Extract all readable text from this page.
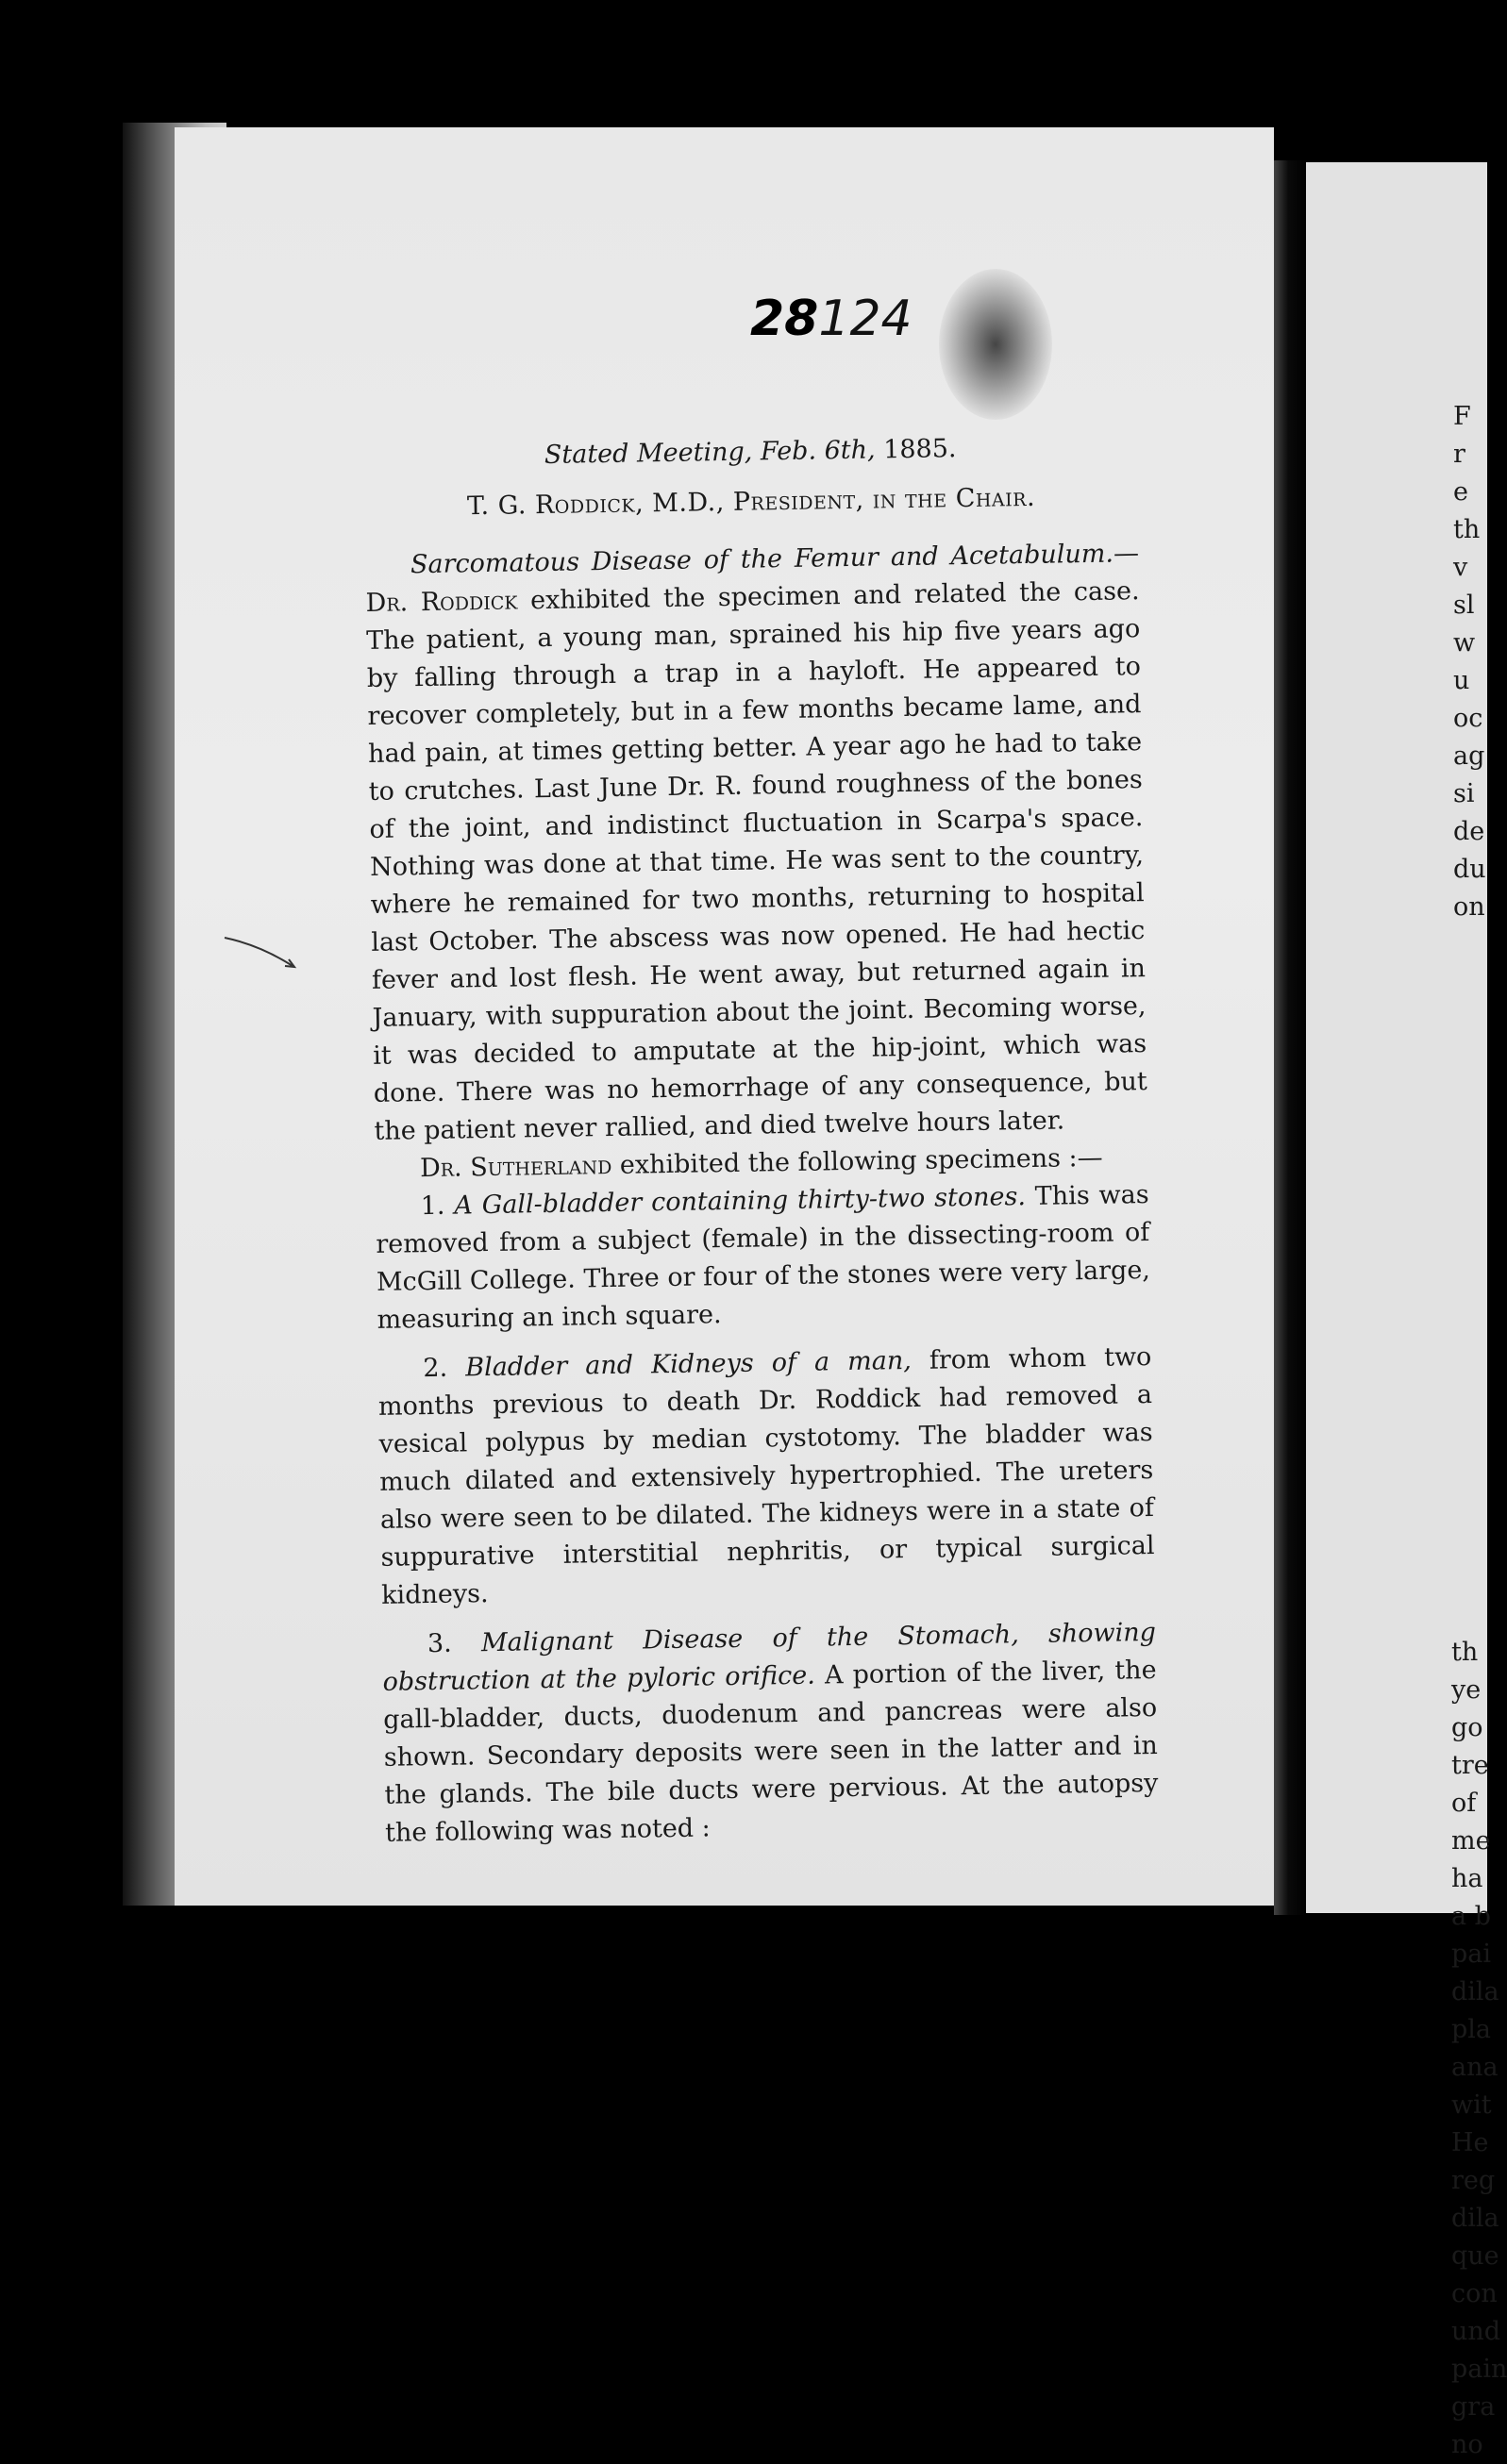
F
r
e
th
v
sl
w
u
oc
ag
si
de
du
on
th
ye
go
tre
of
me
ha
a b
pai
dila
pla
ana
wit
He
reg
dila
que
con
und
pain
gra
no
28124
Stated Meeting, Feb. 6th, 1885.
T. G. Roddick, M.D., President, in the Chair.

Sarcomatous Disease of the Femur and Acetabulum.—Dr. Roddick exhibited the specimen and related the case. The patient, a young man, sprained his hip five years ago by falling through a trap in a hayloft. He appeared to recover completely, but in a few months became lame, and had pain, at times getting better. A year ago he had to take to crutches. Last June Dr. R. found roughness of the bones of the joint, and indistinct fluctuation in Scarpa's space. Nothing was done at that time. He was sent to the country, where he remained for two months, returning to hospital last October. The abscess was now opened. He had hectic fever and lost flesh. He went away, but returned again in January, with suppuration about the joint. Becoming worse, it was decided to amputate at the hip-joint, which was done. There was no hemorrhage of any consequence, but the patient never rallied, and died twelve hours later.

Dr. Sutherland exhibited the following specimens :—

1. A Gall-bladder containing thirty-two stones. This was removed from a subject (female) in the dissecting-room of McGill College. Three or four of the stones were very large, measuring an inch square.

2. Bladder and Kidneys of a man, from whom two months previous to death Dr. Roddick had removed a vesical polypus by median cystotomy. The bladder was much dilated and extensively hypertrophied. The ureters also were seen to be dilated. The kidneys were in a state of suppurative interstitial nephritis, or typical surgical kidneys.

3. Malignant Disease of the Stomach, showing obstruction at the pyloric orifice. A portion of the liver, the gall-bladder, ducts, duodenum and pancreas were also shown. Secondary deposits were seen in the latter and in the glands. The bile ducts were pervious. At the autopsy the following was noted :
